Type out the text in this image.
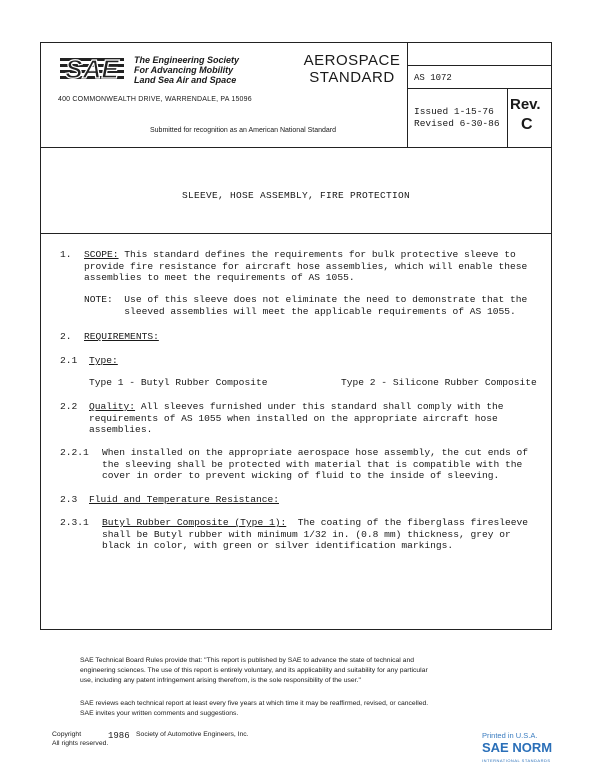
SAE The Engineering Society
For Advancing Mobility
Land Sea Air and Space
400 COMMONWEALTH DRIVE, WARRENDALE, PA 15096
Submitted for recognition as an American National Standard
AEROSPACE
STANDARD	AS 1072
Issued 1-15-76
Revised 6-30-86
Rev.
C
SLEEVE, HOSE ASSEMBLY, FIRE PROTECTION
1. SCOPE: This standard defines the requirements for bulk protective sleeve to
provide fire resistance for aircraft hose assemblies, which will enable these
assemblies to meet the requirements of AS 1055.
NOTE:  Use of this sleeve does not eliminate the need to demonstrate that the
sleeved assemblies will meet the applicable requirements of AS 1055.
2. REQUIREMENTS:
2.1 Type:
Type 1 - Butyl Rubber Composite	Type 2 - Silicone Rubber Composite
2.2 Quality: All sleeves furnished under this standard shall comply with the
requirements of AS 1055 when installed on the appropriate aircraft hose
assemblies.
2.2.1 When installed on the appropriate aerospace hose assembly, the cut ends of
the sleeving shall be protected with material that is compatible with the
cover in order to prevent wicking of fluid to the inside of sleeving.
2.3 Fluid and Temperature Resistance:
2.3.1 Butyl Rubber Composite (Type 1):  The coating of the fiberglass firesleeve
shall be Butyl rubber with minimum 1/32 in. (0.8 mm) thickness, grey or
black in color, with green or silver identification markings.
SAE Technical Board Rules provide that: "This report is published by SAE to advance the state of technical and
engineering sciences. The use of this report is entirely voluntary, and its applicability and suitability for any particular
use, including any patent infringement arising therefrom, is the sole responsibility of the user."
SAE reviews each technical report at least every five years at which time it may be reaffirmed, revised, or cancelled.
SAE invites your written comments and suggestions.
Copyright
All rights reserved.
1986 Society of Automotive Engineers, Inc.	Printed in U.S.A.
SAE NORM
INTERNATIONAL STANDARDS
